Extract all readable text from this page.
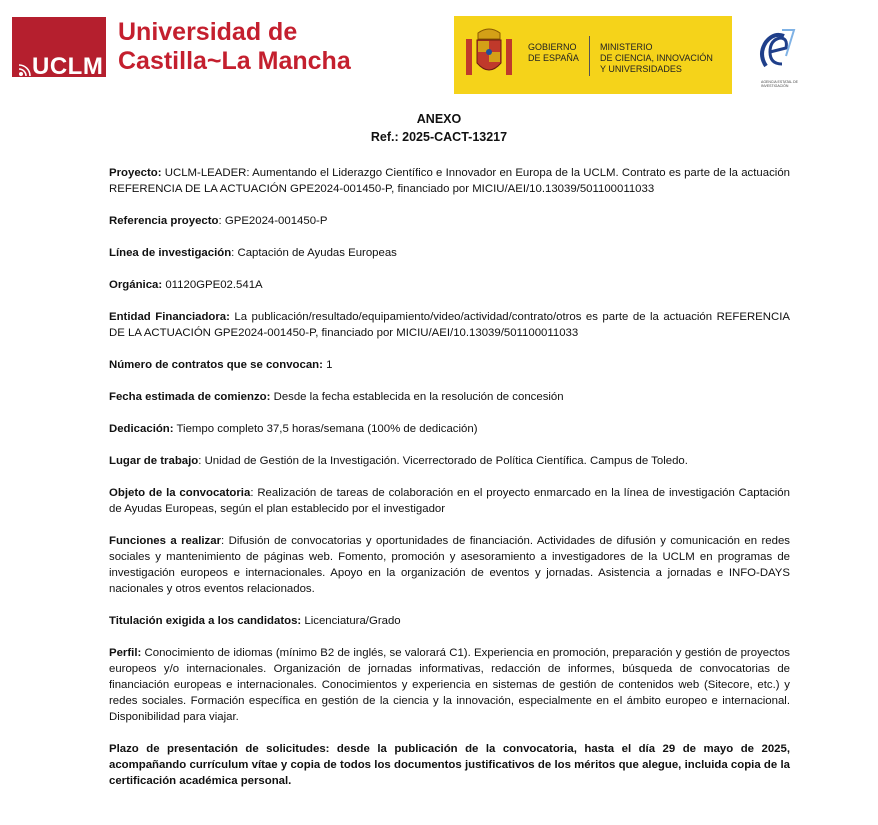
UCLM
Universidad de
Castilla~La Mancha	GOBIERNO
DE ESPAÑA
MINISTERIO
DE CIENCIA, INNOVACIÓN
Y UNIVERSIDADES
AGENCIA ESTATAL DE INVESTIGACIÓN
ANEXO
Ref.: 2025-CACT-13217

Proyecto: UCLM-LEADER: Aumentando el Liderazgo Científico e Innovador en Europa de la UCLM. Contrato es parte de la actuación REFERENCIA DE LA ACTUACIÓN GPE2024-001450-P, financiado por MICIU/AEI/10.13039/501100011033

Referencia proyecto: GPE2024-001450-P

Línea de investigación: Captación de Ayudas Europeas

Orgánica: 01120GPE02.541A

Entidad Financiadora: La publicación/resultado/equipamiento/video/actividad/contrato/otros es parte de la actuación REFERENCIA DE LA ACTUACIÓN GPE2024-001450-P, financiado por MICIU/AEI/10.13039/501100011033

Número de contratos que se convocan: 1

Fecha estimada de comienzo: Desde la fecha establecida en la resolución de concesión

Dedicación: Tiempo completo 37,5 horas/semana (100% de dedicación)

Lugar de trabajo: Unidad de Gestión de la Investigación. Vicerrectorado de Política Científica. Campus de Toledo.

Objeto de la convocatoria: Realización de tareas de colaboración en el proyecto enmarcado en la línea de investigación Captación de Ayudas Europeas, según el plan establecido por el investigador

Funciones a realizar: Difusión de convocatorias y oportunidades de financiación. Actividades de difusión y comunicación en redes sociales y mantenimiento de páginas web. Fomento, promoción y asesoramiento a investigadores de la UCLM en programas de investigación europeos e internacionales. Apoyo en la organización de eventos y jornadas. Asistencia a jornadas e INFO-DAYS nacionales y otros eventos relacionados.

Titulación exigida a los candidatos: Licenciatura/Grado

Perfil: Conocimiento de idiomas (mínimo B2 de inglés, se valorará C1). Experiencia en promoción, preparación y gestión de proyectos europeos y/o internacionales. Organización de jornadas informativas, redacción de informes, búsqueda de convocatorias de financiación europeas e internacionales. Conocimientos y experiencia en sistemas de gestión de contenidos web (Sitecore, etc.) y redes sociales. Formación específica en gestión de la ciencia y la innovación, especialmente en el ámbito europeo e internacional. Disponibilidad para viajar.

Plazo de presentación de solicitudes: desde la publicación de la convocatoria, hasta el día 29 de mayo de 2025, acompañando currículum vítae y copia de todos los documentos justificativos de los méritos que alegue, incluida copia de la certificación académica personal.
